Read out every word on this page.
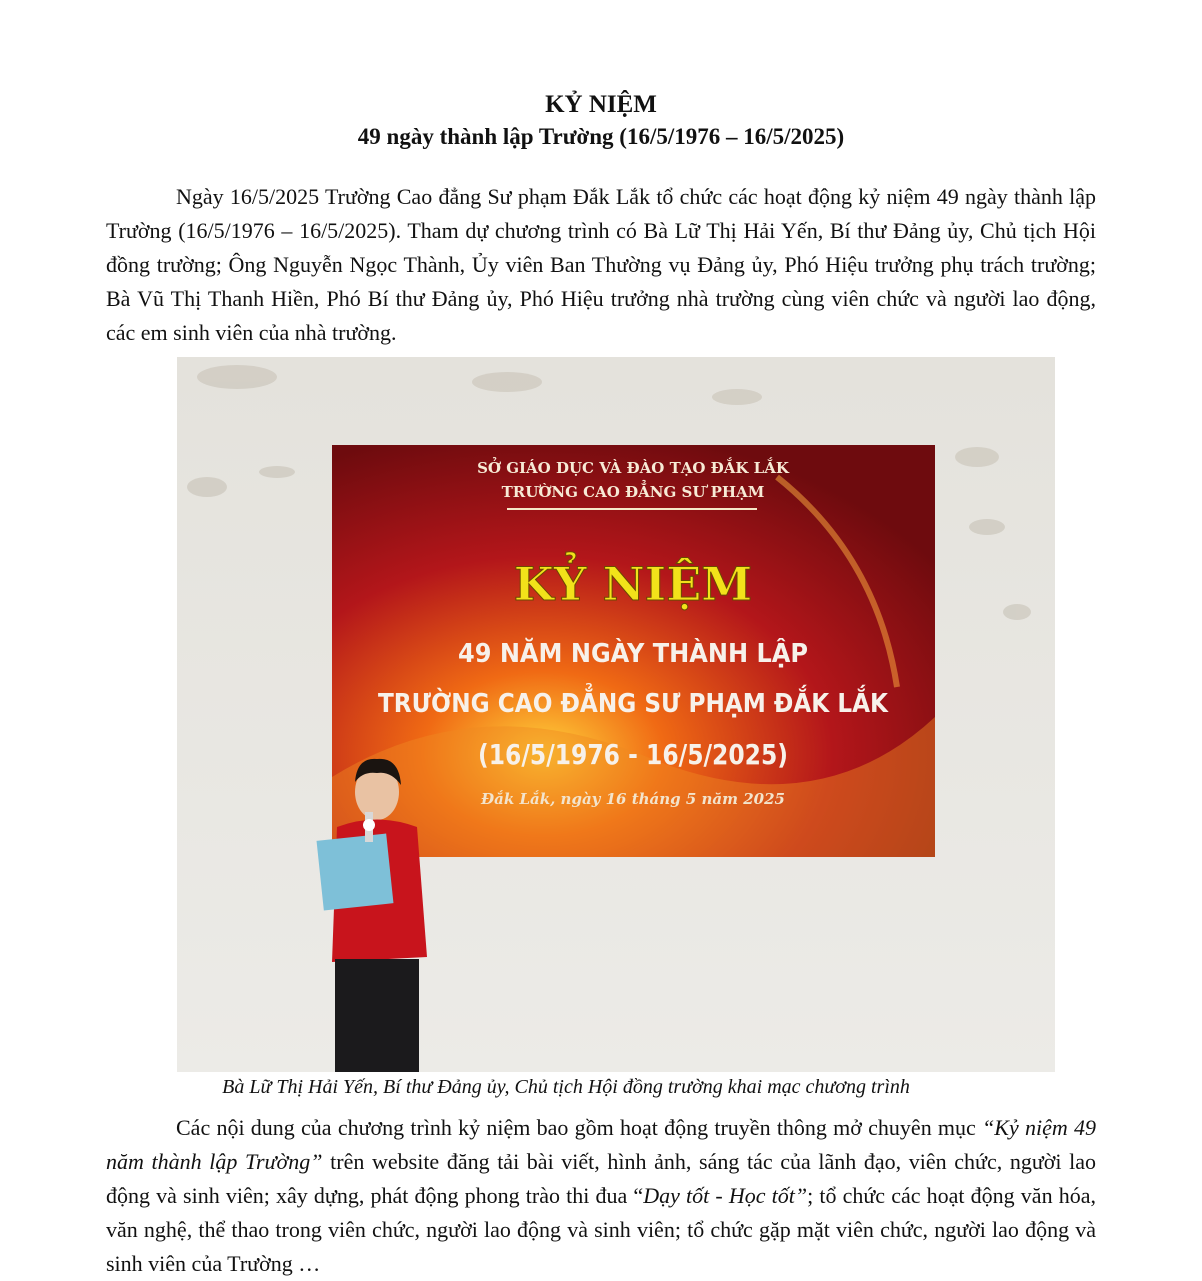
KỶ NIỆM
49 ngày thành lập Trường (16/5/1976 – 16/5/2025)

Ngày 16/5/2025 Trường Cao đẳng Sư phạm Đắk Lắk tổ chức các hoạt động kỷ niệm 49 ngày thành lập Trường (16/5/1976 – 16/5/2025). Tham dự chương trình có Bà Lữ Thị Hải Yến, Bí thư Đảng ủy, Chủ tịch Hội đồng trường; Ông Nguyễn Ngọc Thành, Ủy viên Ban Thường vụ Đảng ủy, Phó Hiệu trưởng phụ trách trường; Bà Vũ Thị Thanh Hiền, Phó Bí thư Đảng ủy, Phó Hiệu trưởng nhà trường cùng viên chức và người lao động, các em sinh viên của nhà trường.

SỞ GIÁO DỤC VÀ ĐÀO TẠO ĐẮK LẮK
TRƯỜNG CAO ĐẲNG SƯ PHẠM
KỶ NIỆM
49 NĂM NGÀY THÀNH LẬP
TRƯỜNG CAO ĐẲNG SƯ PHẠM ĐẮK LẮK
(16/5/1976 - 16/5/2025)
Đắk Lắk, ngày 16 tháng 5 năm 2025
Bà Lữ Thị Hải Yến, Bí thư Đảng ủy, Chủ tịch Hội đồng trường khai mạc chương trình

Các nội dung của chương trình kỷ niệm bao gồm hoạt động truyền thông mở chuyên mục “Kỷ niệm 49 năm thành lập Trường” trên website đăng tải bài viết, hình ảnh, sáng tác của lãnh đạo, viên chức, người lao động và sinh viên; xây dựng, phát động phong trào thi đua “Dạy tốt - Học tốt”; tổ chức các hoạt động văn hóa, văn nghệ, thể thao trong viên chức, người lao động và sinh viên; tổ chức gặp mặt viên chức, người lao động và sinh viên của Trường …
